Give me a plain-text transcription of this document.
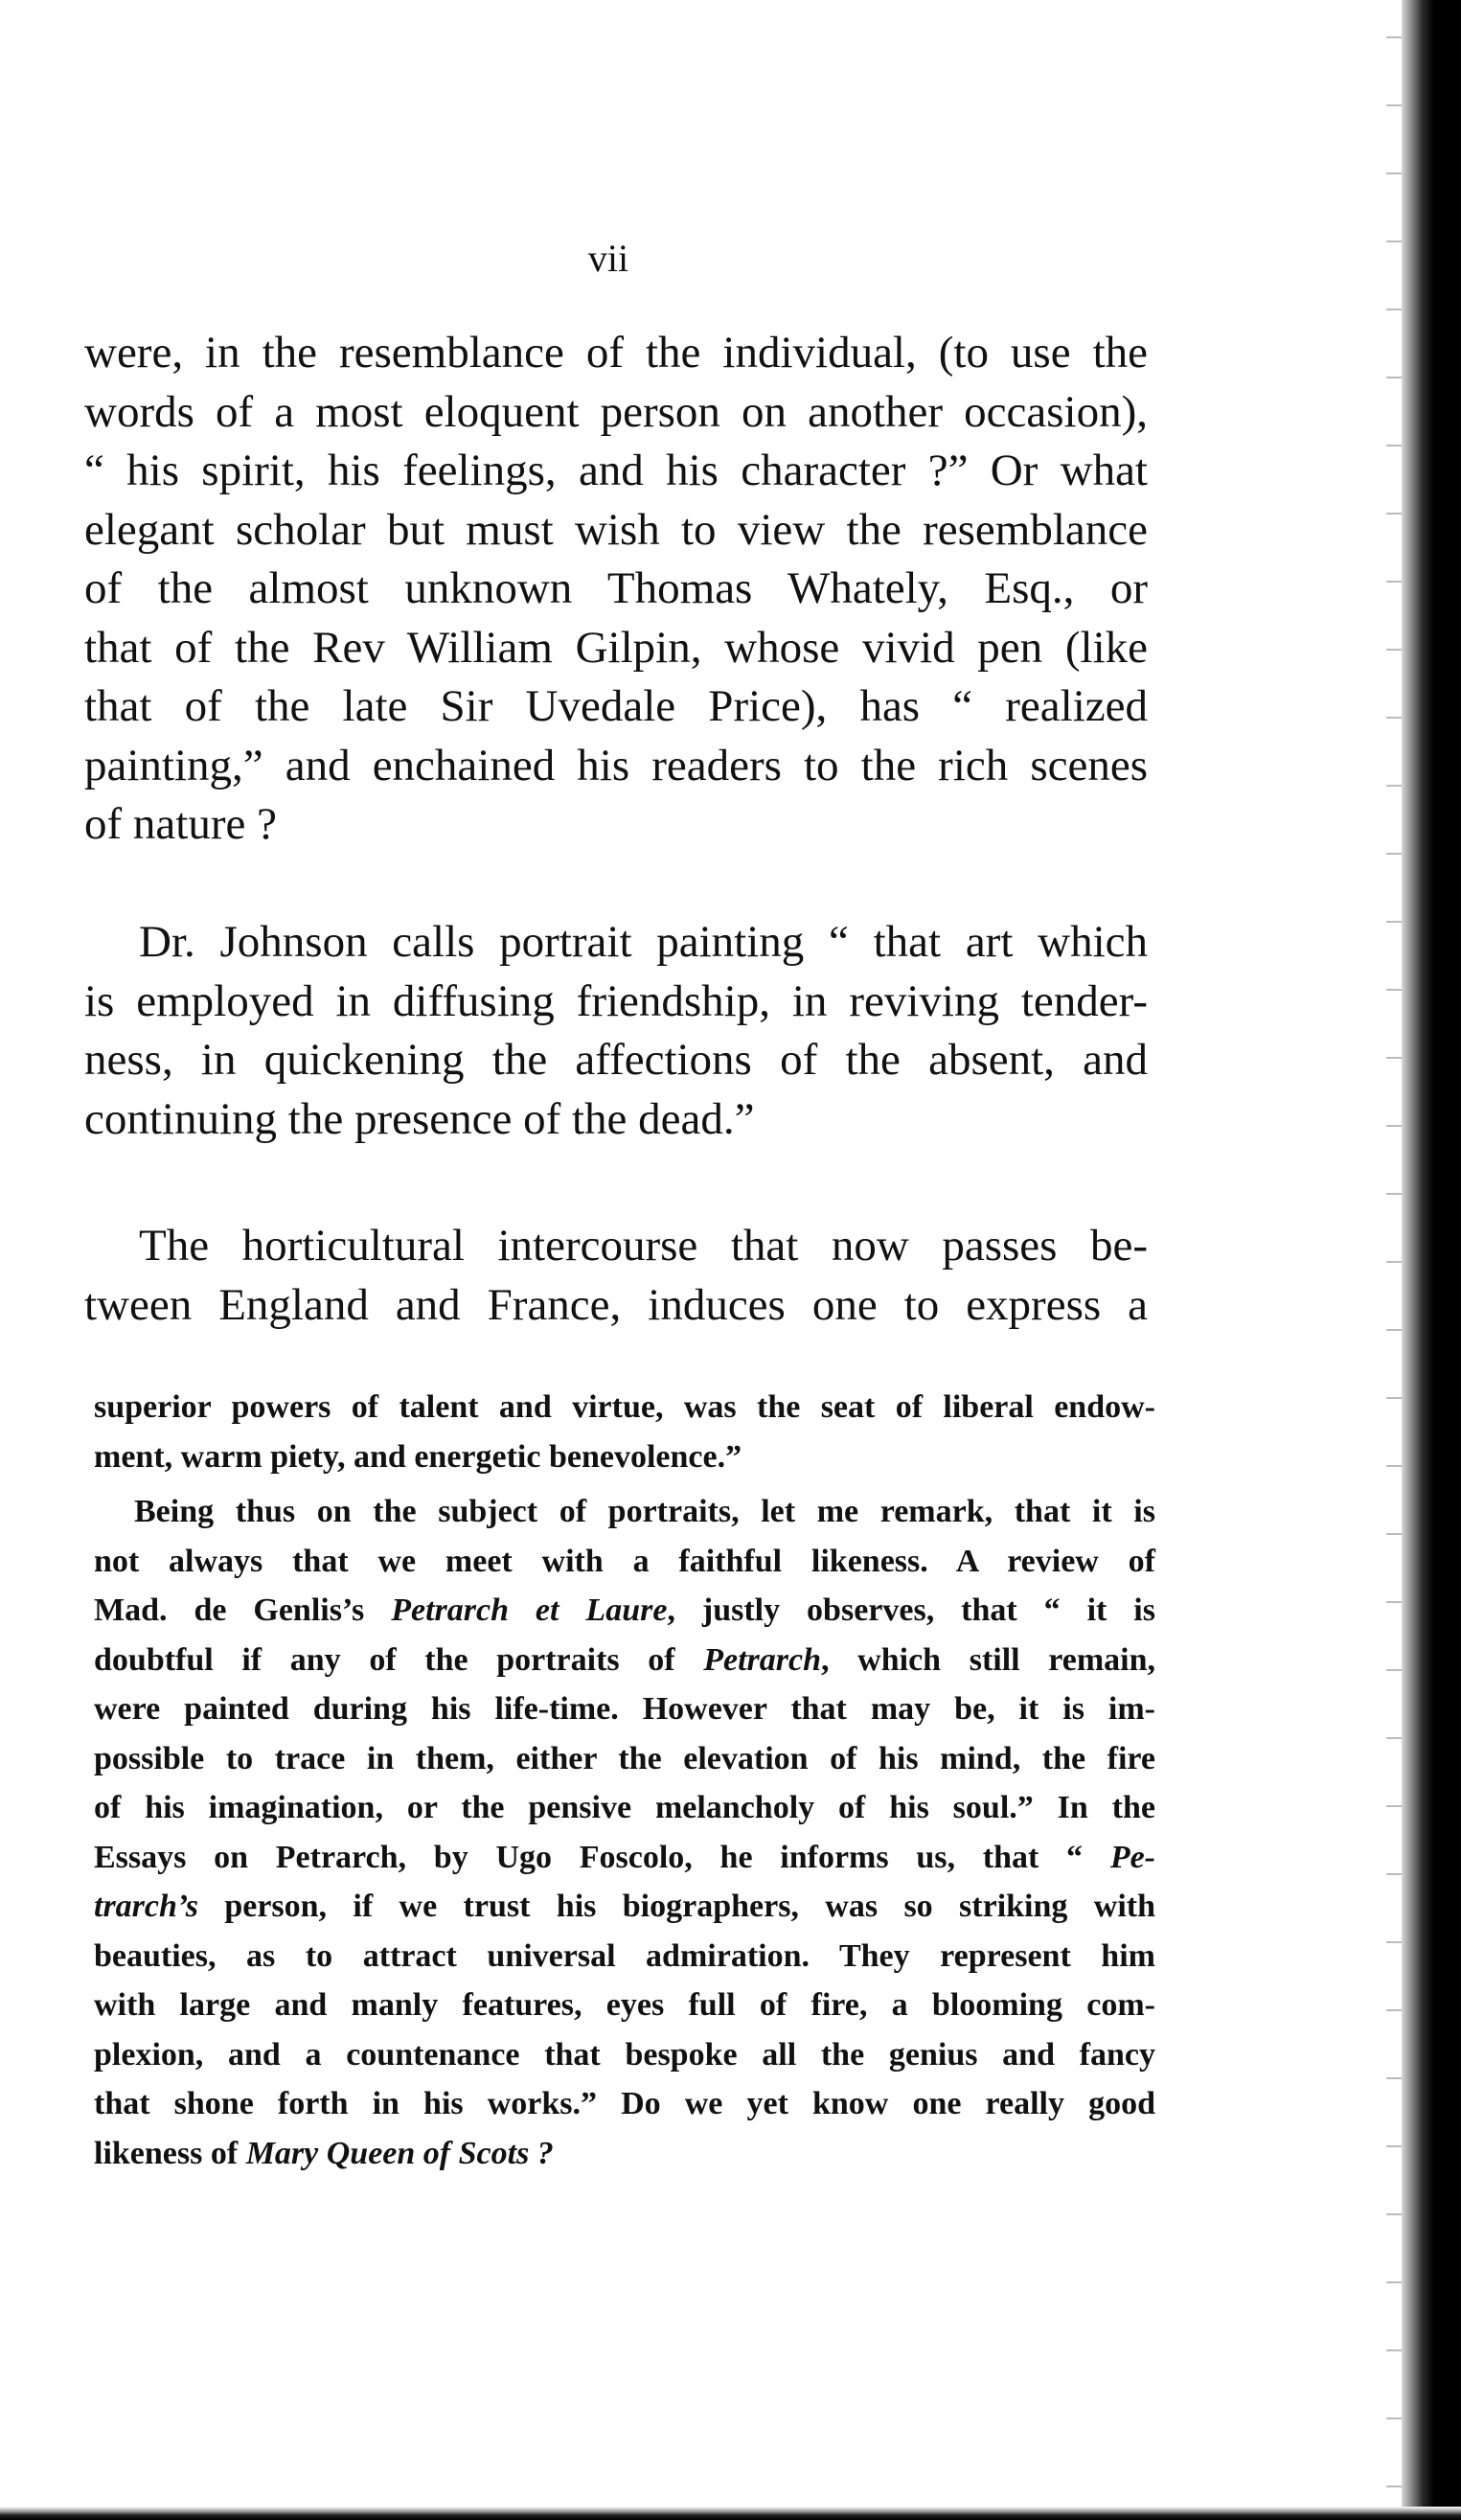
vii
were, in the resemblance of the individual, (to use the
words of a most eloquent person on another occasion),
“ his spirit, his feelings, and his character ?” Or what
elegant scholar but must wish to view the resemblance
of the almost unknown Thomas Whately, Esq., or
that of the Rev William Gilpin, whose vivid pen (like
that of the late Sir Uvedale Price), has “ realized
painting,” and enchained his readers to the rich scenes
of nature ?
Dr. Johnson calls portrait painting “ that art which
is employed in diffusing friendship, in reviving tender-
ness, in quickening the affections of the absent, and
continuing the presence of the dead.”
The horticultural intercourse that now passes be-
tween England and France, induces one to express a
superior powers of talent and virtue, was the seat of liberal endow-
ment, warm piety, and energetic benevolence.”
Being thus on the subject of portraits, let me remark, that it is
not always that we meet with a faithful likeness. A review of
Mad. de Genlis’s Petrarch et Laure, justly observes, that “ it is
doubtful if any of the portraits of Petrarch, which still remain,
were painted during his life-time. However that may be, it is im-
possible to trace in them, either the elevation of his mind, the fire
of his imagination, or the pensive melancholy of his soul.” In the
Essays on Petrarch, by Ugo Foscolo, he informs us, that “ Pe-
trarch’s person, if we trust his biographers, was so striking with
beauties, as to attract universal admiration. They represent him
with large and manly features, eyes full of fire, a blooming com-
plexion, and a countenance that bespoke all the genius and fancy
that shone forth in his works.” Do we yet know one really good
likeness of Mary Queen of Scots ?
